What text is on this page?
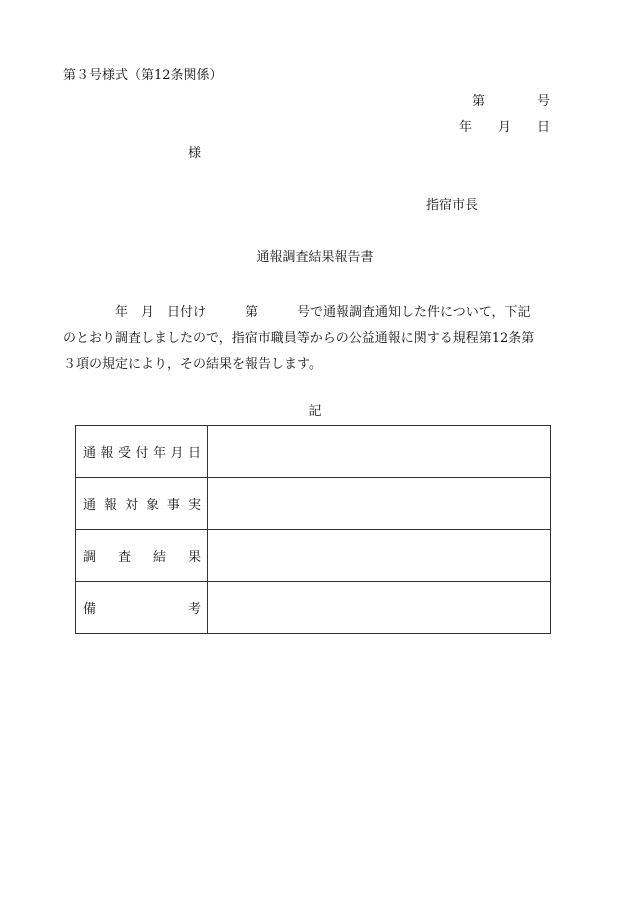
第３号様式（第12条関係）
第　　　　号
年　　月　　日
様
指宿市長
通報調査結果報告書
　　　　年　月　日付け　　　第　　　号で通報調査通知した件について，下記
のとおり調査しましたので，指宿市職員等からの公益通報に関する規程第12条第
３項の規定により，その結果を報告します。
記
通報受付年月日	
通報対象事実	
調査結果	
備考	
